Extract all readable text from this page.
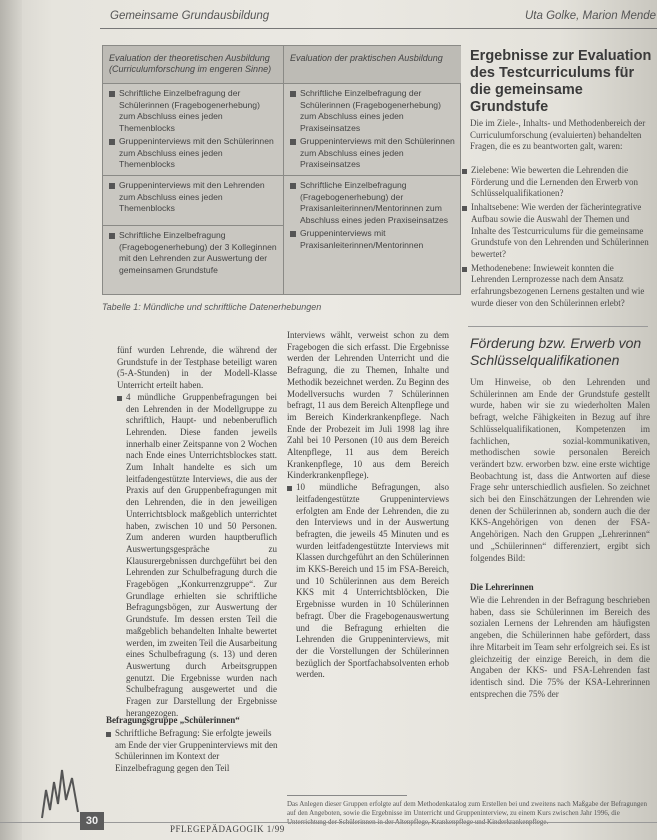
Gemeinsame Grundausbildung	Uta Golke, Marion Mende
Evaluation der theoretischen Ausbildung (Curriculumforschung im engeren Sinne)
Schriftliche Einzelbefragung der Schülerinnen (Fragebogenerhebung) zum Abschluss eines jeden Themenblocks
Gruppeninterviews mit den Schülerinnen zum Abschluss eines jeden Themenblocks
Gruppeninterviews mit den Lehrenden zum Abschluss eines jeden Themenblocks
Schriftliche Einzelbefragung (Fragebogenerhebung) der 3 Kolleginnen mit den Lehrenden zur Auswertung der gemeinsamen Grundstufe
Evaluation der praktischen Ausbildung
Schriftliche Einzelbefragung der Schülerinnen (Fragebogenerhebung) zum Abschluss eines jeden Praxiseinsatzes
Gruppeninterviews mit den Schülerinnen zum Abschluss eines jeden Praxiseinsatzes
Schriftliche Einzelbefragung (Fragebogenerhebung) der Praxisanleiterinnen/Mentorinnen zum Abschluss eines jeden Praxiseinsatzes
Gruppeninterviews mit Praxisanleiterinnen/Mentorinnen
Tabelle 1: Mündliche und schriftliche Datenerhebungen
Ergebnisse zur Evaluation des Testcurriculums für die gemeinsame Grundstufe
Die im Ziele-, Inhalts- und Methodenbereich der Curriculumforschung (evaluierten) behandelten Fragen, die es zu beantworten galt, waren:
Zielebene: Wie bewerten die Lehrenden die Förderung und die Lernenden den Erwerb von Schlüsselqualifikationen?
Inhaltsebene: Wie werden der fächerintegrative Aufbau sowie die Auswahl der Themen und Inhalte des Testcurriculums für die gemeinsame Grundstufe von den Lehrenden und Schülerinnen bewertet?
Methodenebene: Inwieweit konnten die Lehrenden Lernprozesse nach dem Ansatz erfahrungsbezogenen Lernens gestalten und wie wurde dieser von den Schülerinnen erlebt?
Förderung bzw. Erwerb von Schlüsselqualifikationen
Um Hinweise, ob den Lehrenden und Schülerinnen am Ende der Grundstufe gestellt wurde, haben wir sie zu wiederholten Malen befragt, welche Fähigkeiten in Bezug auf ihre Schlüsselqualifikationen, Kompetenzen im fachlichen, sozial-kommunikativen, methodischen sowie personalen Bereich verändert bzw. erworben bzw. eine erste wichtige Beobachtung ist, dass die Antworten auf diese Frage sehr unterschiedlich ausfielen. So zeichnet sich bei den Einschätzungen der Lehrenden wie denen der Schülerinnen ab, sondern auch die der KKS-Angehörigen von denen der FSA-Angehörigen. Nach den Gruppen „Lehrerinnen“ und „Schülerinnen“ differenziert, ergibt sich folgendes Bild:
Die Lehrerinnen
Wie die Lehrenden in der Befragung beschrieben haben, dass sie Schülerinnen im Bereich des sozialen Lernens der Lehrenden am häufigsten angeben, die Schülerinnen habe gefördert, dass ihre Mitarbeit im Team sehr erfolgreich sei. Es ist gleichzeitig der einzige Bereich, in dem die Angaben der KKS- und FSA-Lehrenden fast identisch sind. Die 75% der KSA-Lehrerinnen entsprechen die 75% der
fünf wurden Lehrende, die während der Grundstufe in der Testphase beteiligt waren (5-A-Stunden) in der Modell-Klasse Unterricht erteilt haben.
4 mündliche Gruppenbefragungen bei den Lehrenden in der Modellgruppe zu schriftlich, Haupt- und nebenberuflich Lehrenden. Diese fanden jeweils innerhalb einer Zeitspanne von 2 Wochen nach Ende eines Unterrichtsblockes statt. Zum Inhalt handelte es sich um leitfadengestützte Interviews, die aus der Praxis auf den Gruppenbefragungen mit den Lehrenden, die in den jeweiligen Unterrichtsblock maßgeblich unterrichtet haben, zwischen 10 und 50 Personen. Zum anderen wurden hauptberuflich Auswertungsgespräche zu Klausurergebnissen durchgeführt bei den Lehrenden zur Schulbefragung durch die Fragebögen „Konkurrenzgruppe“. Zur Grundlage erhielten sie schriftliche Befragungsbögen, zur Auswertung der Grundstufe. Im dessen ersten Teil die maßgeblich behandelten Inhalte bewertet werden, im zweiten Teil die Ausarbeitung eines Schulbefragung (s. 13) und deren Auswertung durch Arbeitsgruppen genutzt. Die Ergebnisse wurden nach Schulbefragung ausgewertet und die Fragen zur Darstellung der Ergebnisse herangezogen.
Befragungsgruppe „Schülerinnen“
Schriftliche Befragung: Sie erfolgte jeweils am Ende der vier Gruppeninterviews mit den Schülerinnen im Kontext der Einzelbefragung gegen den Teil
Interviews wählt, verweist schon zu dem Fragebogen die sich erfasst. Die Ergebnisse werden der Lehrenden Unterricht und die Befragung, die zu Themen, Inhalte und Methodik bezeichnet werden. Zu Beginn des Modellversuchs wurden 7 Schülerinnen befragt, 11 aus dem Bereich Altenpflege und im Bereich Kinderkrankenpflege. Nach Ende der Probezeit im Juli 1998 lag ihre Zahl bei 10 Personen (10 aus dem Bereich Altenpflege, 11 aus dem Bereich Krankenpflege, 10 aus dem Bereich Kinderkrankenpflege).
10 mündliche Befragungen, also leitfadengestützte Gruppeninterviews erfolgten am Ende der Lehrenden, die zu den Interviews und in der Auswertung befragten, die jeweils 45 Minuten und es wurden leitfadengestützte Interviews mit Klassen durchgeführt an den Schülerinnen im KKS-Bereich und 15 im FSA-Bereich, und 10 Schülerinnen aus dem Bereich KKS mit 4 Unterrichtsblöcken, Die Ergebnisse wurden in 10 Schülerinnen befragt. Über die Fragebogenauswertung und die Befragung erhielten die Lehrenden die Gruppeninterviews, mit der die Vorstellungen der Schülerinnen bezüglich der Sportfachabsolventen erhob werden.
Das Anlegen dieser Gruppen erfolgte auf dem Methodenkatalog zum Erstellen bei und zweitens nach Maßgabe der Befragungen auf den Angeboten, sowie die Ergebnisse im Unterricht und Gruppeninterview, zu einem Kurs zwischen Jahr 1996, die Unterrichtung der Schülerinnen in der Altenpflege, Krankenpflege und Kinderkrankenpflege.
30
PFLEGEPÄDAGOGIK 1/99
